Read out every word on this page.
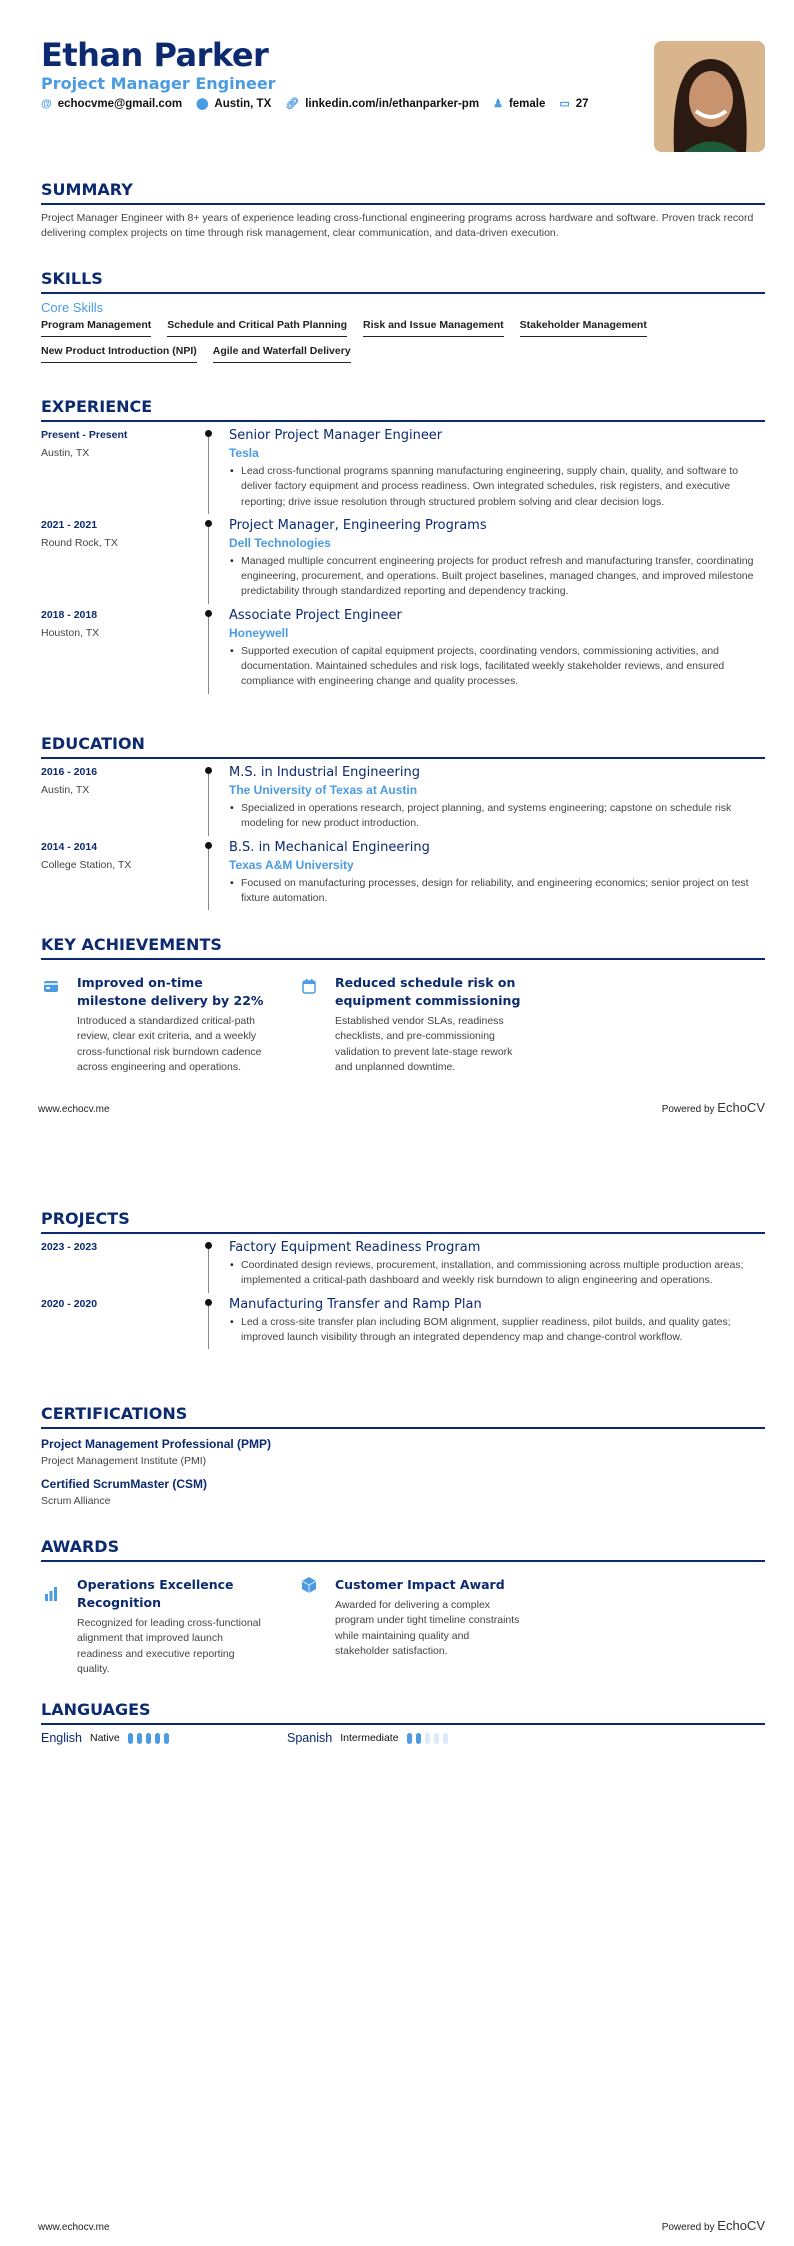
Ethan Parker
Project Manager Engineer
@ echocvme@gmail.com ⬤ Austin, TX 🔗︎ linkedin.com/in/ethanparker-pm ♟ female ▭ 27
SUMMARY
Project Manager Engineer with 8+ years of experience leading cross-functional engineering programs across hardware and software. Proven track record delivering complex projects on time through risk management, clear communication, and data-driven execution.
SKILLS
Core Skills
Program Management Schedule and Critical Path Planning Risk and Issue Management Stakeholder Management
New Product Introduction (NPI) Agile and Waterfall Delivery
EXPERIENCE
Present - Present
Austin, TX
Senior Project Manager Engineer
Tesla
• Lead cross-functional programs spanning manufacturing engineering, supply chain, quality, and software to deliver factory equipment and process readiness. Own integrated schedules, risk registers, and executive reporting; drive issue resolution through structured problem solving and clear decision logs.
2021 - 2021
Round Rock, TX
Project Manager, Engineering Programs
Dell Technologies
• Managed multiple concurrent engineering projects for product refresh and manufacturing transfer, coordinating engineering, procurement, and operations. Built project baselines, managed changes, and improved milestone predictability through standardized reporting and dependency tracking.
2018 - 2018
Houston, TX
Associate Project Engineer
Honeywell
• Supported execution of capital equipment projects, coordinating vendors, commissioning activities, and documentation. Maintained schedules and risk logs, facilitated weekly stakeholder reviews, and ensured compliance with engineering change and quality processes.
EDUCATION
2016 - 2016
Austin, TX
M.S. in Industrial Engineering
The University of Texas at Austin
• Specialized in operations research, project planning, and systems engineering; capstone on schedule risk modeling for new product introduction.
2014 - 2014
College Station, TX
B.S. in Mechanical Engineering
Texas A&M University
• Focused on manufacturing processes, design for reliability, and engineering economics; senior project on test fixture automation.
KEY ACHIEVEMENTS
Improved on-time milestone delivery by 22%
Introduced a standardized critical-path review, clear exit criteria, and a weekly cross-functional risk burndown cadence across engineering and operations.
Reduced schedule risk on equipment commissioning
Established vendor SLAs, readiness checklists, and pre-commissioning validation to prevent late-stage rework and unplanned downtime.
www.echocv.me	Powered by EchoCV
PROJECTS
2023 - 2023	Factory Equipment Readiness Program
• Coordinated design reviews, procurement, installation, and commissioning across multiple production areas; implemented a critical-path dashboard and weekly risk burndown to align engineering and operations.
2020 - 2020	Manufacturing Transfer and Ramp Plan
• Led a cross-site transfer plan including BOM alignment, supplier readiness, pilot builds, and quality gates; improved launch visibility through an integrated dependency map and change-control workflow.
CERTIFICATIONS
Project Management Professional (PMP)
Project Management Institute (PMI)
Certified ScrumMaster (CSM)
Scrum Alliance
AWARDS
Operations Excellence Recognition
Recognized for leading cross-functional alignment that improved launch readiness and executive reporting quality.
Customer Impact Award
Awarded for delivering a complex program under tight timeline constraints while maintaining quality and stakeholder satisfaction.
LANGUAGES
English Native	Spanish Intermediate
www.echocv.me	Powered by EchoCV
